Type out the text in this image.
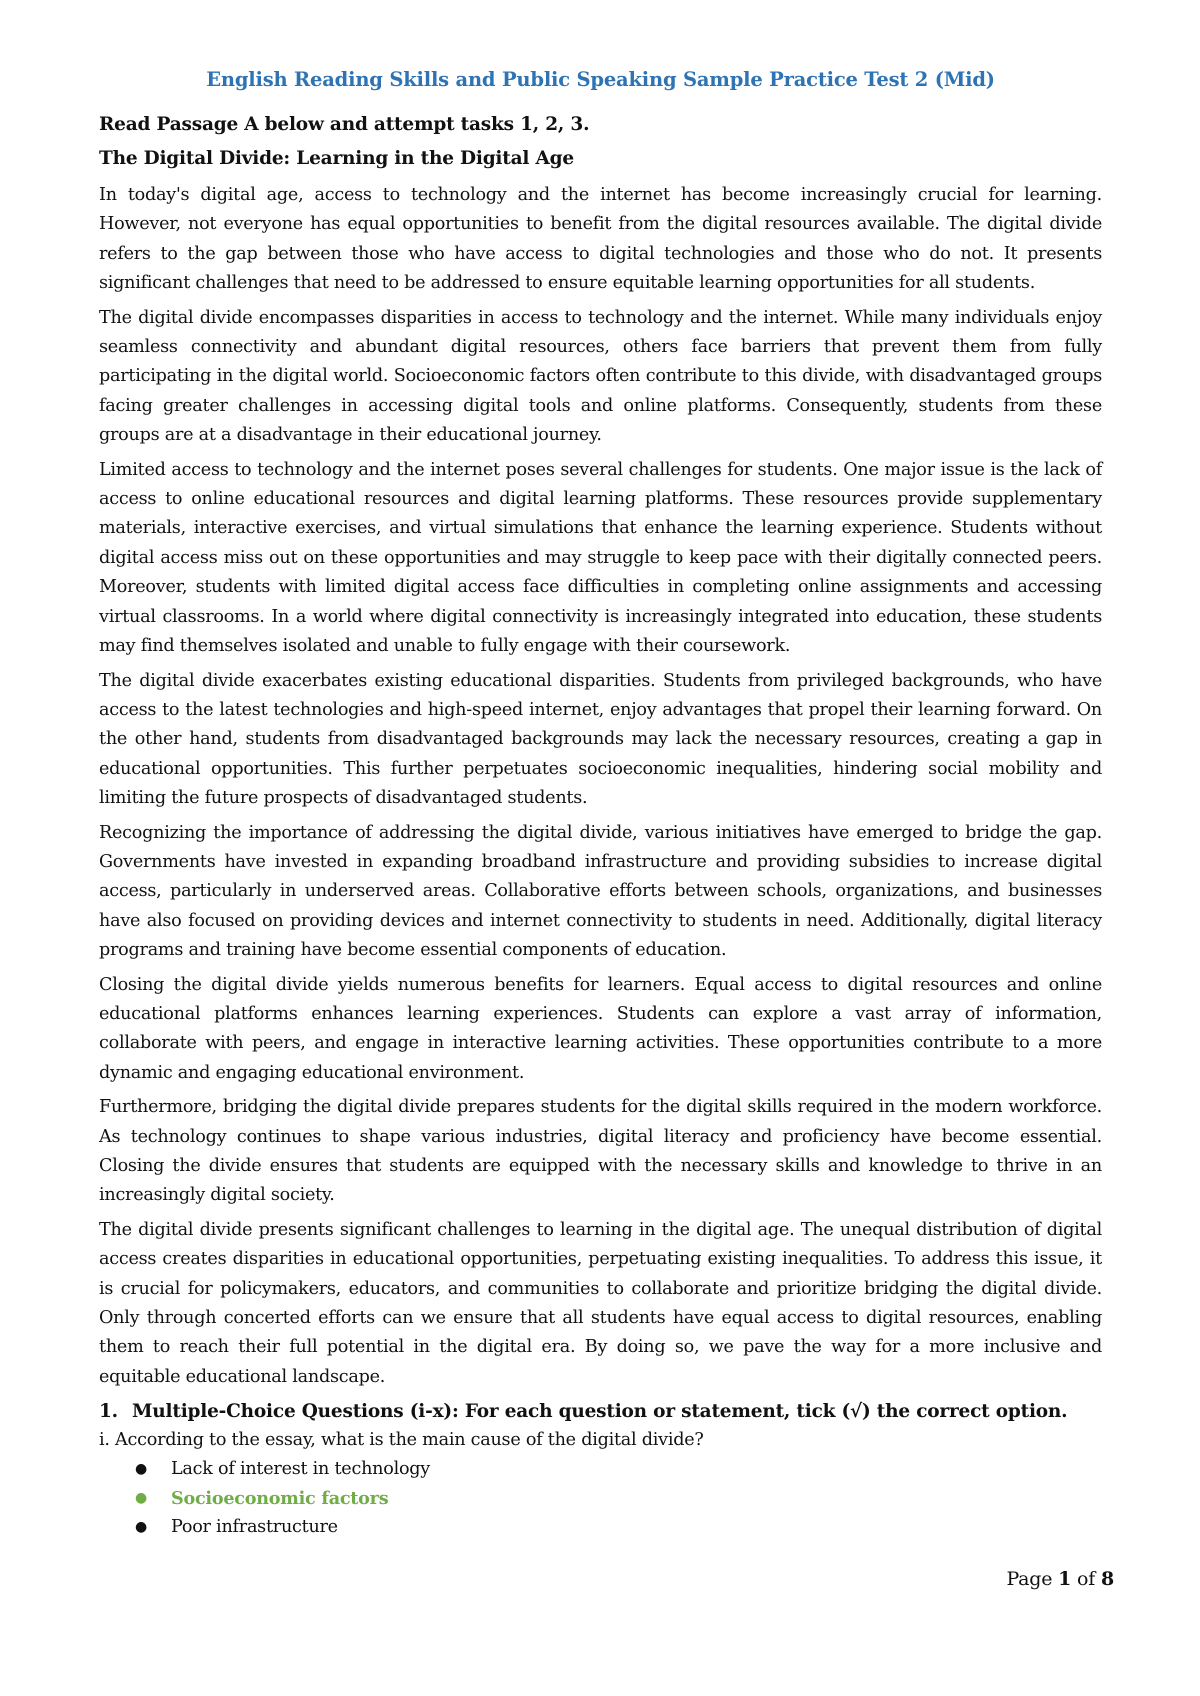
English Reading Skills and Public Speaking Sample Practice Test 2 (Mid)

Read Passage A below and attempt tasks 1, 2, 3.

The Digital Divide: Learning in the Digital Age

In today's digital age, access to technology and the internet has become increasingly crucial for learning. However, not everyone has equal opportunities to benefit from the digital resources available. The digital divide refers to the gap between those who have access to digital technologies and those who do not. It presents significant challenges that need to be addressed to ensure equitable learning opportunities for all students.

The digital divide encompasses disparities in access to technology and the internet. While many individuals enjoy seamless connectivity and abundant digital resources, others face barriers that prevent them from fully participating in the digital world. Socioeconomic factors often contribute to this divide, with disadvantaged groups facing greater challenges in accessing digital tools and online platforms. Consequently, students from these groups are at a disadvantage in their educational journey.

Limited access to technology and the internet poses several challenges for students. One major issue is the lack of access to online educational resources and digital learning platforms. These resources provide supplementary materials, interactive exercises, and virtual simulations that enhance the learning experience. Students without digital access miss out on these opportunities and may struggle to keep pace with their digitally connected peers. Moreover, students with limited digital access face difficulties in completing online assignments and accessing virtual classrooms. In a world where digital connectivity is increasingly integrated into education, these students may find themselves isolated and unable to fully engage with their coursework.

The digital divide exacerbates existing educational disparities. Students from privileged backgrounds, who have access to the latest technologies and high-speed internet, enjoy advantages that propel their learning forward. On the other hand, students from disadvantaged backgrounds may lack the necessary resources, creating a gap in educational opportunities. This further perpetuates socioeconomic inequalities, hindering social mobility and limiting the future prospects of disadvantaged students.

Recognizing the importance of addressing the digital divide, various initiatives have emerged to bridge the gap. Governments have invested in expanding broadband infrastructure and providing subsidies to increase digital access, particularly in underserved areas. Collaborative efforts between schools, organizations, and businesses have also focused on providing devices and internet connectivity to students in need. Additionally, digital literacy programs and training have become essential components of education.

Closing the digital divide yields numerous benefits for learners. Equal access to digital resources and online educational platforms enhances learning experiences. Students can explore a vast array of information, collaborate with peers, and engage in interactive learning activities. These opportunities contribute to a more dynamic and engaging educational environment.

Furthermore, bridging the digital divide prepares students for the digital skills required in the modern workforce. As technology continues to shape various industries, digital literacy and proficiency have become essential. Closing the divide ensures that students are equipped with the necessary skills and knowledge to thrive in an increasingly digital society.

The digital divide presents significant challenges to learning in the digital age. The unequal distribution of digital access creates disparities in educational opportunities, perpetuating existing inequalities. To address this issue, it is crucial for policymakers, educators, and communities to collaborate and prioritize bridging the digital divide. Only through concerted efforts can we ensure that all students have equal access to digital resources, enabling them to reach their full potential in the digital era. By doing so, we pave the way for a more inclusive and equitable educational landscape.

1. Multiple-Choice Questions (i-x): For each question or statement, tick (√) the correct option.
i. According to the essay, what is the main cause of the digital divide?
● Lack of interest in technology
● Socioeconomic factors
● Poor infrastructure
Page 1 of 8
